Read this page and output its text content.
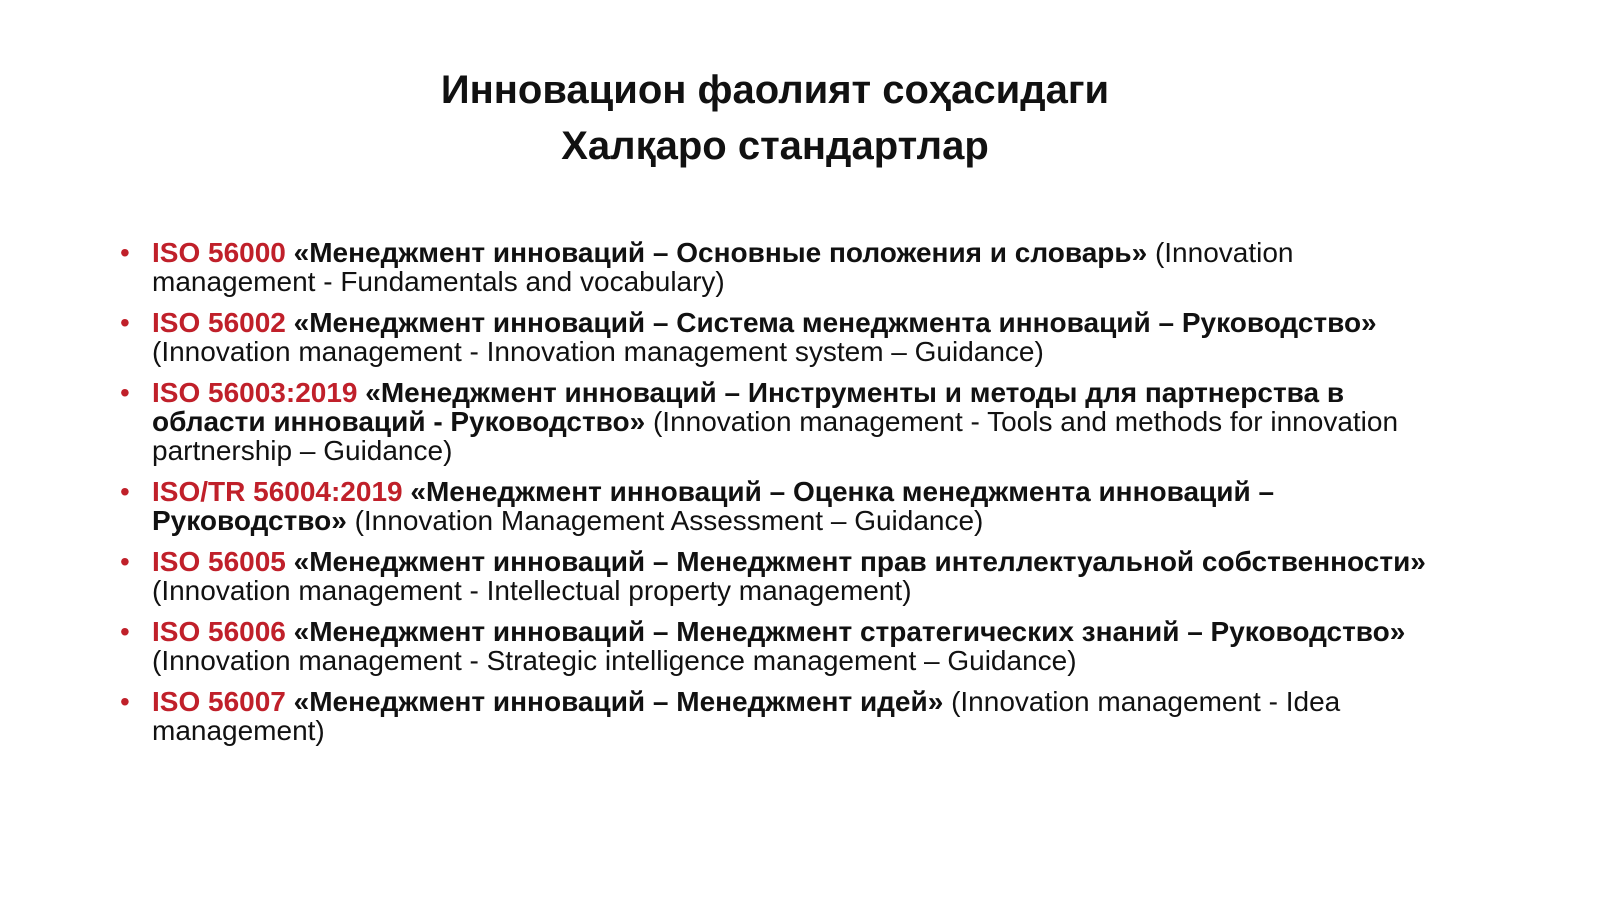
Инновацион фаолият соҳасидаги
Халқаро стандартлар
• ISO 56000 «Менеджмент инноваций – Основные положения и словарь» (Innovation management - Fundamentals and vocabulary)
• ISO 56002 «Менеджмент инноваций – Система менеджмента инноваций – Руководство» (Innovation management - Innovation management system – Guidance)
• ISO 56003:2019 «Менеджмент инноваций – Инструменты и методы для партнерства в области инноваций - Руководство» (Innovation management - Tools and methods for innovation partnership – Guidance)
• ISO/TR 56004:2019 «Менеджмент инноваций – Оценка менеджмента инноваций – Руководство» (Innovation Management Assessment – Guidance)
• ISO 56005 «Менеджмент инноваций – Менеджмент прав интеллектуальной собственности» (Innovation management - Intellectual property management)
• ISO 56006 «Менеджмент инноваций – Менеджмент стратегических знаний – Руководство» (Innovation management - Strategic intelligence management – Guidance)
• ISO 56007 «Менеджмент инноваций – Менеджмент идей» (Innovation management - Idea management)
